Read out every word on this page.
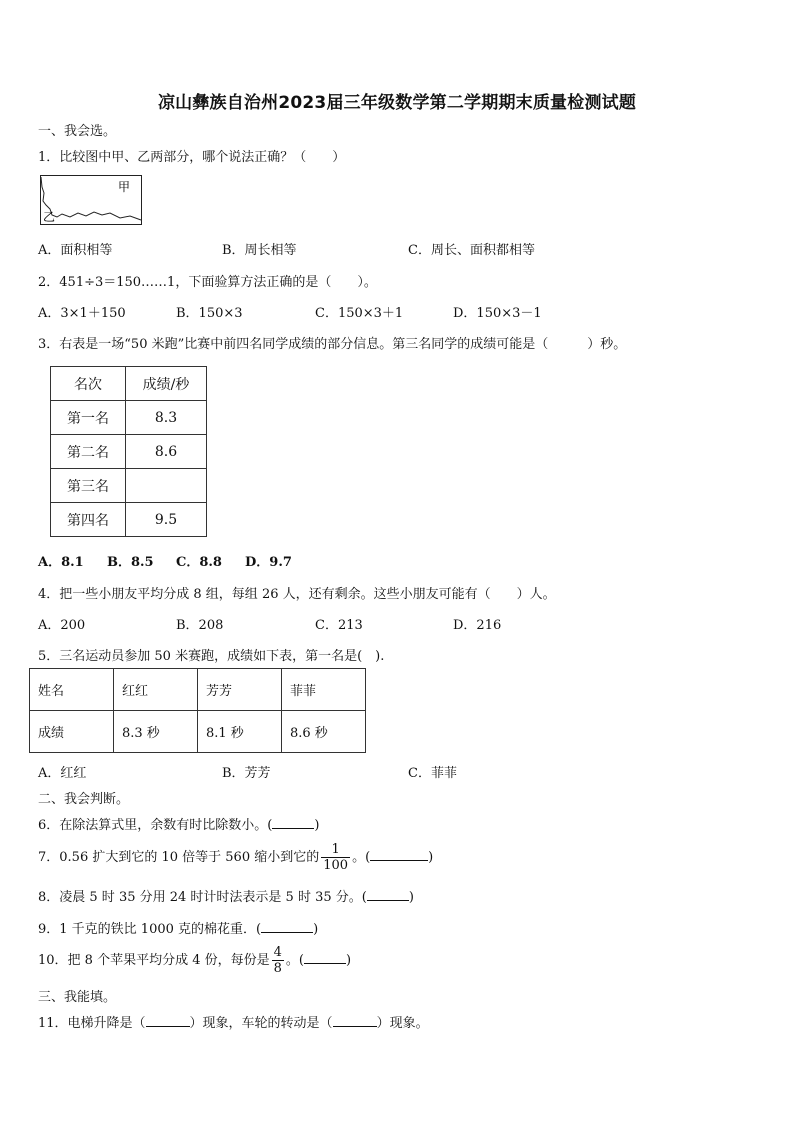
凉山彝族自治州2023届三年级数学第二学期期末质量检测试题
一、我会选。
1．比较图中甲、乙两部分，哪个说法正确？（　　）
甲
乙
A．面积相等	B．周长相等	C．周长、面积都相等
2．451÷3＝150……1，下面验算方法正确的是（　　）。
A．3×1＋150	B．150×3	C．150×3＋1	D．150×3－1
3．右表是一场“50 米跑”比赛中前四名同学成绩的部分信息。第三名同学的成绩可能是（　　　）秒。
名次	成绩/秒
第一名	8.3
第二名	8.6
第三名	
第四名	9.5
A．8.1 B．8.5 C．8.8 D．9.7
4．把一些小朋友平均分成 8 组，每组 26 人，还有剩余。这些小朋友可能有（　　）人。
A．200	B．208	C．213	D．216
5．三名运动员参加 50 米赛跑，成绩如下表，第一名是(　).
姓名	红红	芳芳	菲菲
成绩	8.3 秒	8.1 秒	8.6 秒
A．红红	B．芳芳	C．菲菲
二、我会判断。
6．在除法算式里，余数有时比除数小。(	)
7．0.56 扩大到它的 10 倍等于 560 缩小到它的 $\frac{1}{100}$ 。(	)
8．凌晨 5 时 35 分用 24 时计时法表示是 5 时 35 分。(	)
9．1 千克的铁比 1000 克的棉花重．(	)
10．把 8 个苹果平均分成 4 份，每份是 $\frac{4}{8}$ 。(	)
三、我能填。
11．电梯升降是（	）现象，车轮的转动是（	）现象。
